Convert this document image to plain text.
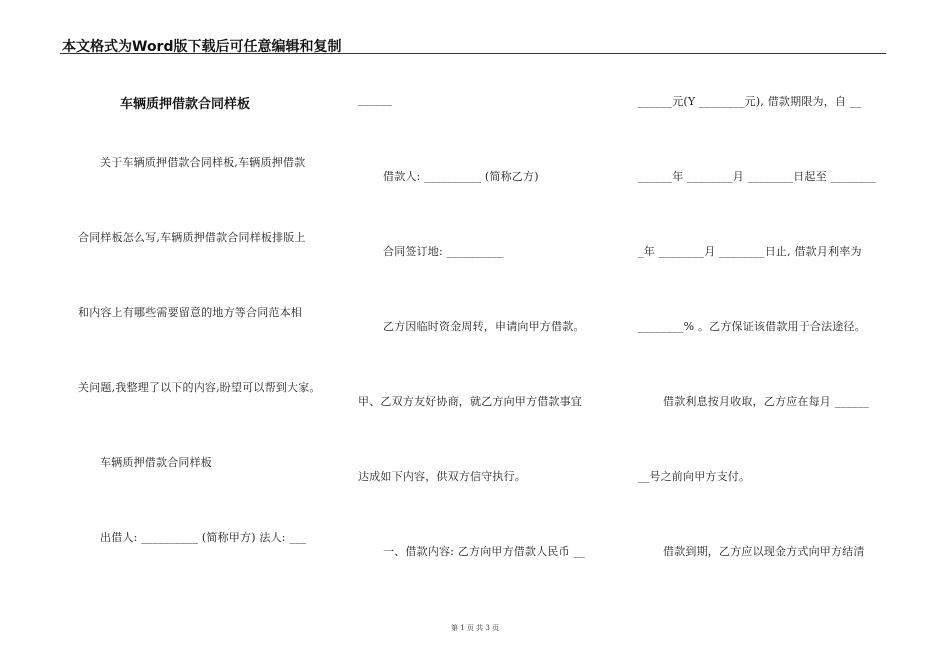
本文格式为Word版下载后可任意编辑和复制
车辆质押借款合同样板
关于车辆质押借款合同样板,车辆质押借款
合同样板怎么写,车辆质押借款合同样板排版上
和内容上有哪些需要留意的地方等合同范本相
关问题,我整理了以下的内容,盼望可以帮到大家。
车辆质押借款合同样板
出借人: __________ (简称甲方) 法人: ___
______
借款人: __________ (简称乙方)
合同签订地: __________
乙方因临时资金周转，申请向甲方借款。
甲、乙双方友好协商，就乙方向甲方借款事宜
达成如下内容，供双方信守执行。
一、借款内容: 乙方向甲方借款人民币 __
______元(Y ________元), 借款期限为，自 __
______年 ________月 ________日起至 ________
_年 ________月 ________日止, 借款月利率为
________% 。乙方保证该借款用于合法途径。
借款利息按月收取，乙方应在每月 ______
__号之前向甲方支付。
借款到期，乙方应以现金方式向甲方结清
第 1 页 共 3 页
